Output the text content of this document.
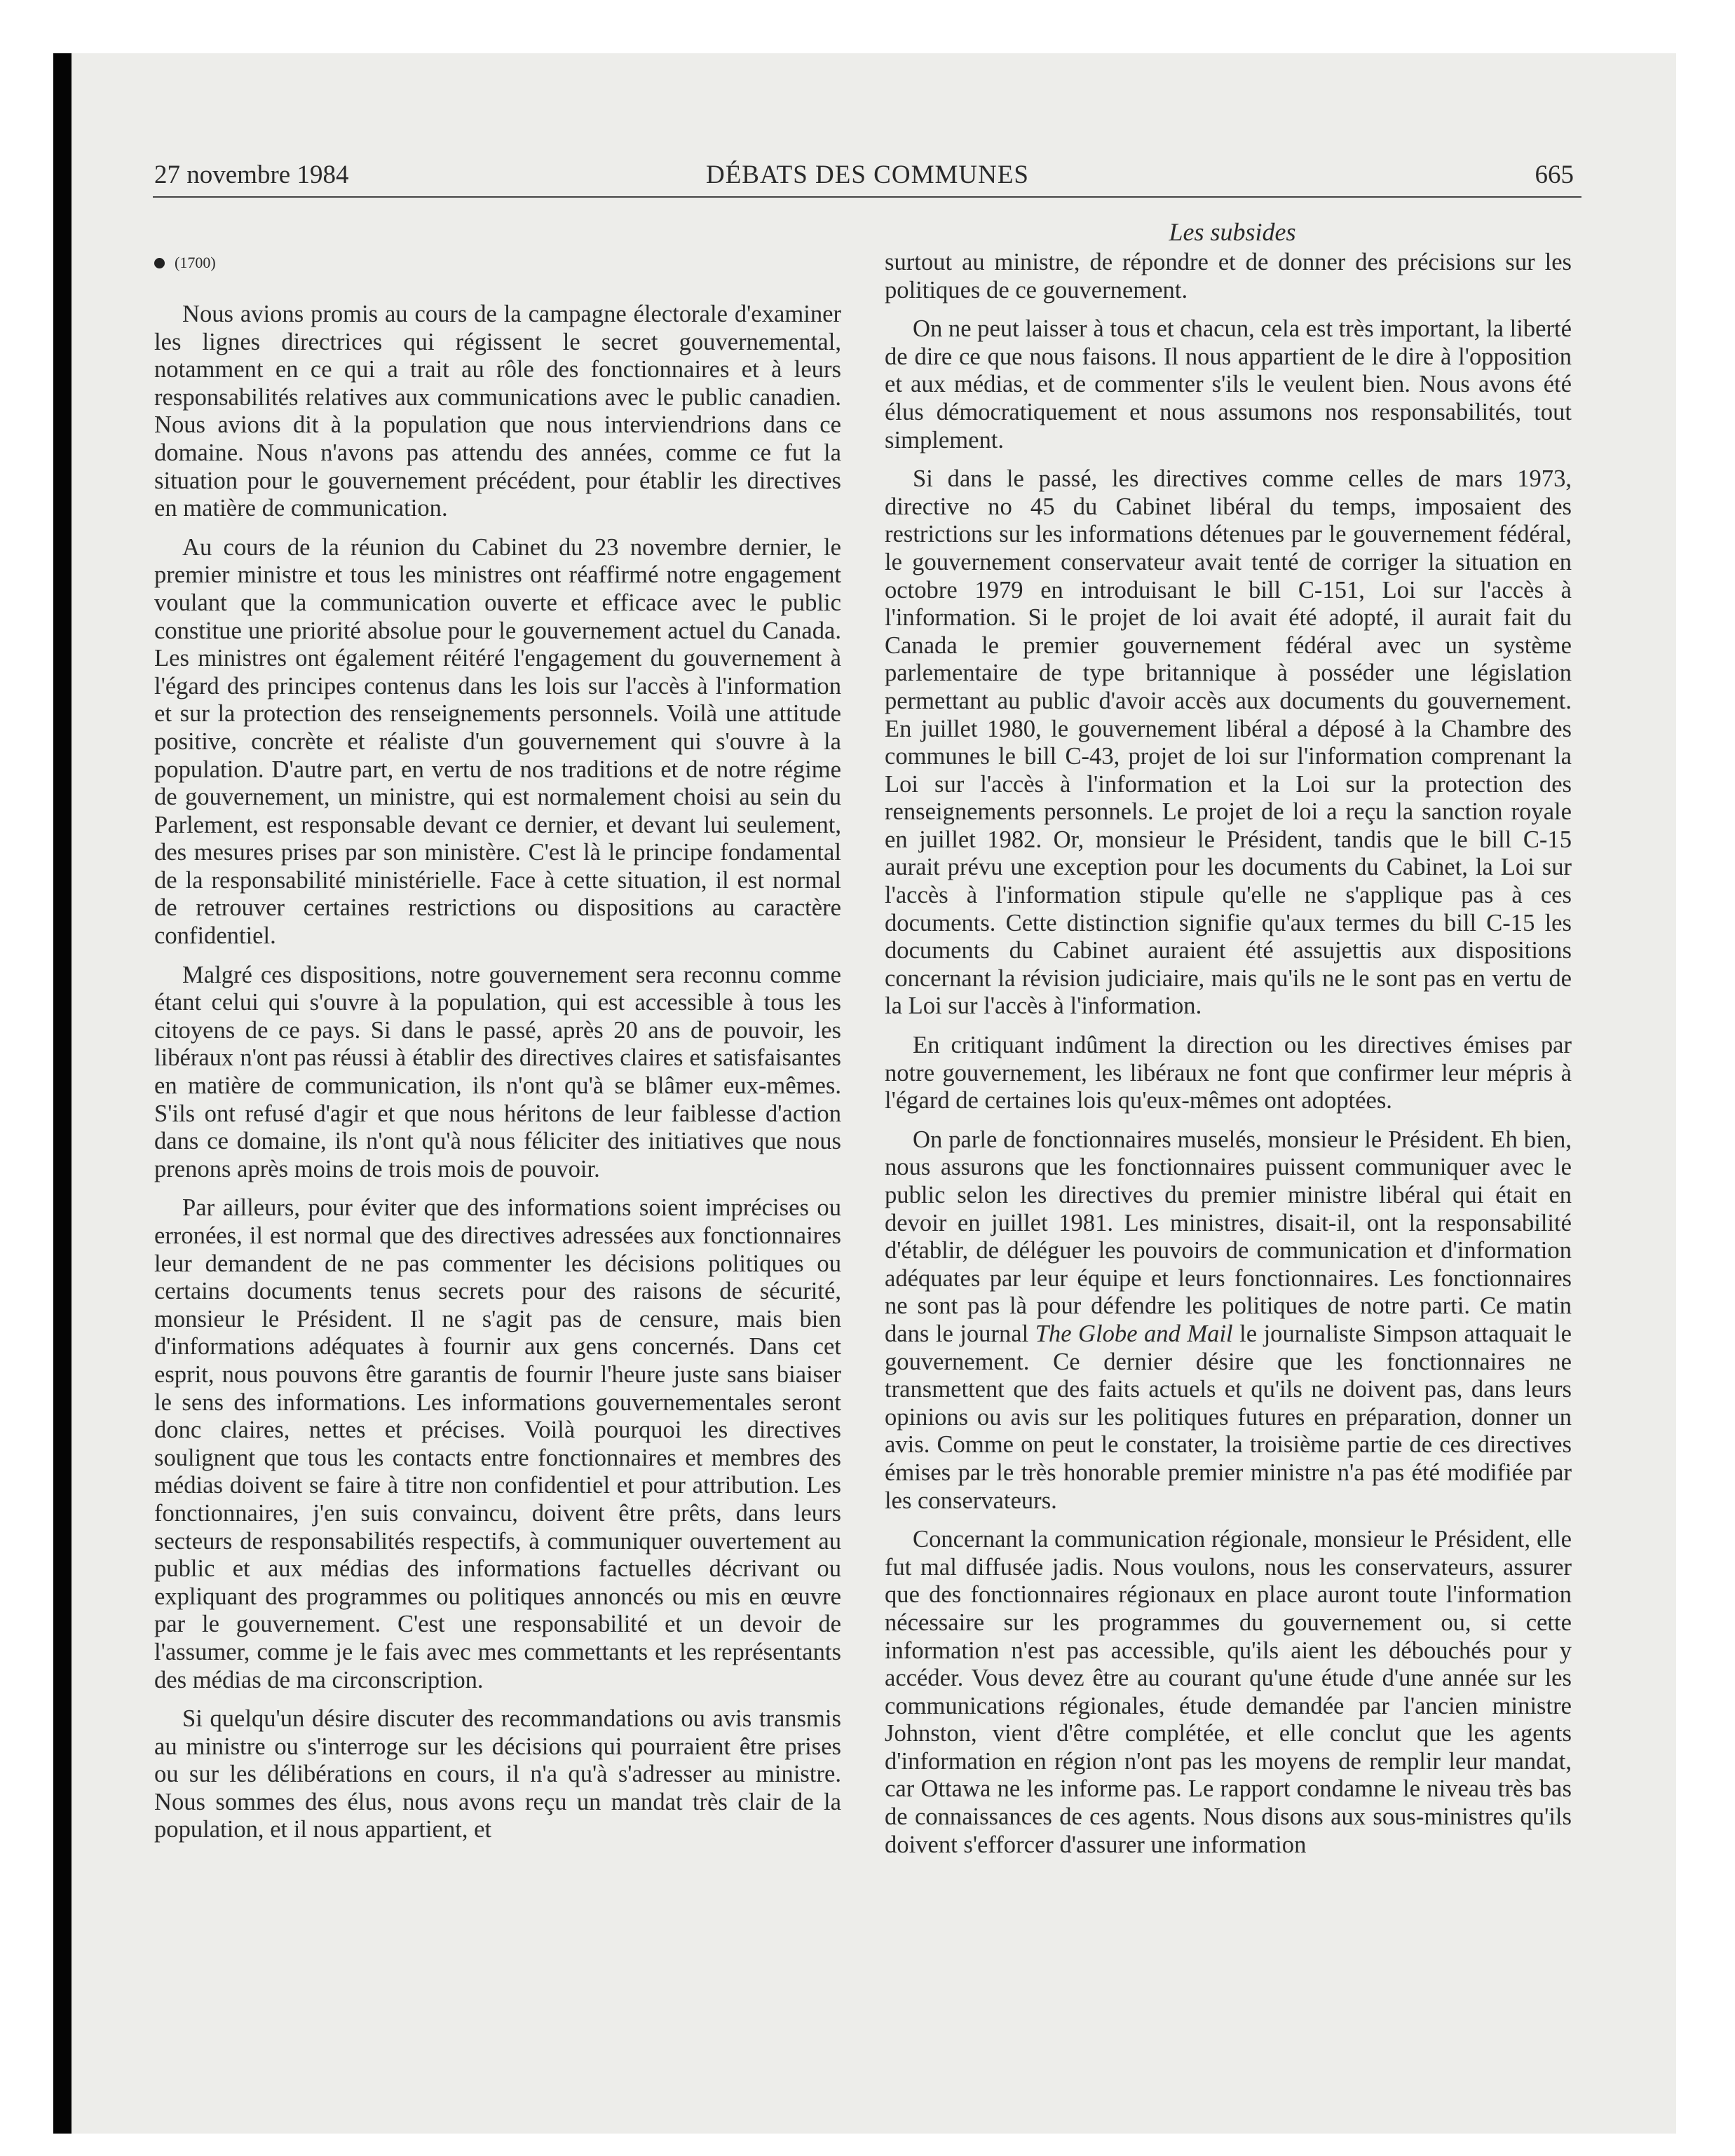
27 novembre 1984	DÉBATS DES COMMUNES	665
Les subsides
(1700)

Nous avions promis au cours de la campagne électorale d'examiner les lignes directrices qui régissent le secret gouvernemental, notamment en ce qui a trait au rôle des fonctionnaires et à leurs responsabilités relatives aux communications avec le public canadien. Nous avions dit à la population que nous interviendrions dans ce domaine. Nous n'avons pas attendu des années, comme ce fut la situation pour le gouvernement précédent, pour établir les directives en matière de communication.

Au cours de la réunion du Cabinet du 23 novembre dernier, le premier ministre et tous les ministres ont réaffirmé notre engagement voulant que la communication ouverte et efficace avec le public constitue une priorité absolue pour le gouvernement actuel du Canada. Les ministres ont également réitéré l'engagement du gouvernement à l'égard des principes contenus dans les lois sur l'accès à l'information et sur la protection des renseignements personnels. Voilà une attitude positive, concrète et réaliste d'un gouvernement qui s'ouvre à la population. D'autre part, en vertu de nos traditions et de notre régime de gouvernement, un ministre, qui est normalement choisi au sein du Parlement, est responsable devant ce dernier, et devant lui seulement, des mesures prises par son ministère. C'est là le principe fondamental de la responsabilité ministérielle. Face à cette situation, il est normal de retrouver certaines restrictions ou dispositions au caractère confidentiel.

Malgré ces dispositions, notre gouvernement sera reconnu comme étant celui qui s'ouvre à la population, qui est accessible à tous les citoyens de ce pays. Si dans le passé, après 20 ans de pouvoir, les libéraux n'ont pas réussi à établir des directives claires et satisfaisantes en matière de communication, ils n'ont qu'à se blâmer eux-mêmes. S'ils ont refusé d'agir et que nous héritons de leur faiblesse d'action dans ce domaine, ils n'ont qu'à nous féliciter des initiatives que nous prenons après moins de trois mois de pouvoir.

Par ailleurs, pour éviter que des informations soient imprécises ou erronées, il est normal que des directives adressées aux fonctionnaires leur demandent de ne pas commenter les décisions politiques ou certains documents tenus secrets pour des raisons de sécurité, monsieur le Président. Il ne s'agit pas de censure, mais bien d'informations adéquates à fournir aux gens concernés. Dans cet esprit, nous pouvons être garantis de fournir l'heure juste sans biaiser le sens des informations. Les informations gouvernementales seront donc claires, nettes et précises. Voilà pourquoi les directives soulignent que tous les contacts entre fonctionnaires et membres des médias doivent se faire à titre non confidentiel et pour attribution. Les fonctionnaires, j'en suis convaincu, doivent être prêts, dans leurs secteurs de responsabilités respectifs, à communiquer ouvertement au public et aux médias des informations factuelles décrivant ou expliquant des programmes ou politiques annoncés ou mis en œuvre par le gouvernement. C'est une responsabilité et un devoir de l'assumer, comme je le fais avec mes commettants et les représentants des médias de ma circonscription.

Si quelqu'un désire discuter des recommandations ou avis transmis au ministre ou s'interroge sur les décisions qui pourraient être prises ou sur les délibérations en cours, il n'a qu'à s'adresser au ministre. Nous sommes des élus, nous avons reçu un mandat très clair de la population, et il nous appartient, et

surtout au ministre, de répondre et de donner des précisions sur les politiques de ce gouvernement.

On ne peut laisser à tous et chacun, cela est très important, la liberté de dire ce que nous faisons. Il nous appartient de le dire à l'opposition et aux médias, et de commenter s'ils le veulent bien. Nous avons été élus démocratiquement et nous assumons nos responsabilités, tout simplement.

Si dans le passé, les directives comme celles de mars 1973, directive no 45 du Cabinet libéral du temps, imposaient des restrictions sur les informations détenues par le gouvernement fédéral, le gouvernement conservateur avait tenté de corriger la situation en octobre 1979 en introduisant le bill C-151, Loi sur l'accès à l'information. Si le projet de loi avait été adopté, il aurait fait du Canada le premier gouvernement fédéral avec un système parlementaire de type britannique à posséder une législation permettant au public d'avoir accès aux documents du gouvernement. En juillet 1980, le gouvernement libéral a déposé à la Chambre des communes le bill C-43, projet de loi sur l'information comprenant la Loi sur l'accès à l'information et la Loi sur la protection des renseignements personnels. Le projet de loi a reçu la sanction royale en juillet 1982. Or, monsieur le Président, tandis que le bill C-15 aurait prévu une exception pour les documents du Cabinet, la Loi sur l'accès à l'information stipule qu'elle ne s'applique pas à ces documents. Cette distinction signifie qu'aux termes du bill C-15 les documents du Cabinet auraient été assujettis aux dispositions concernant la révision judiciaire, mais qu'ils ne le sont pas en vertu de la Loi sur l'accès à l'information.

En critiquant indûment la direction ou les directives émises par notre gouvernement, les libéraux ne font que confirmer leur mépris à l'égard de certaines lois qu'eux-mêmes ont adoptées.

On parle de fonctionnaires muselés, monsieur le Président. Eh bien, nous assurons que les fonctionnaires puissent communiquer avec le public selon les directives du premier ministre libéral qui était en devoir en juillet 1981. Les ministres, disait-il, ont la responsabilité d'établir, de déléguer les pouvoirs de communication et d'information adéquates par leur équipe et leurs fonctionnaires. Les fonctionnaires ne sont pas là pour défendre les politiques de notre parti. Ce matin dans le journal The Globe and Mail le journaliste Simpson attaquait le gouvernement. Ce dernier désire que les fonctionnaires ne transmettent que des faits actuels et qu'ils ne doivent pas, dans leurs opinions ou avis sur les politiques futures en préparation, donner un avis. Comme on peut le constater, la troisième partie de ces directives émises par le très honorable premier ministre n'a pas été modifiée par les conservateurs.

Concernant la communication régionale, monsieur le Président, elle fut mal diffusée jadis. Nous voulons, nous les conservateurs, assurer que des fonctionnaires régionaux en place auront toute l'information nécessaire sur les programmes du gouvernement ou, si cette information n'est pas accessible, qu'ils aient les débouchés pour y accéder. Vous devez être au courant qu'une étude d'une année sur les communications régionales, étude demandée par l'ancien ministre Johnston, vient d'être complétée, et elle conclut que les agents d'information en région n'ont pas les moyens de remplir leur mandat, car Ottawa ne les informe pas. Le rapport condamne le niveau très bas de connaissances de ces agents. Nous disons aux sous-ministres qu'ils doivent s'efforcer d'assurer une information
